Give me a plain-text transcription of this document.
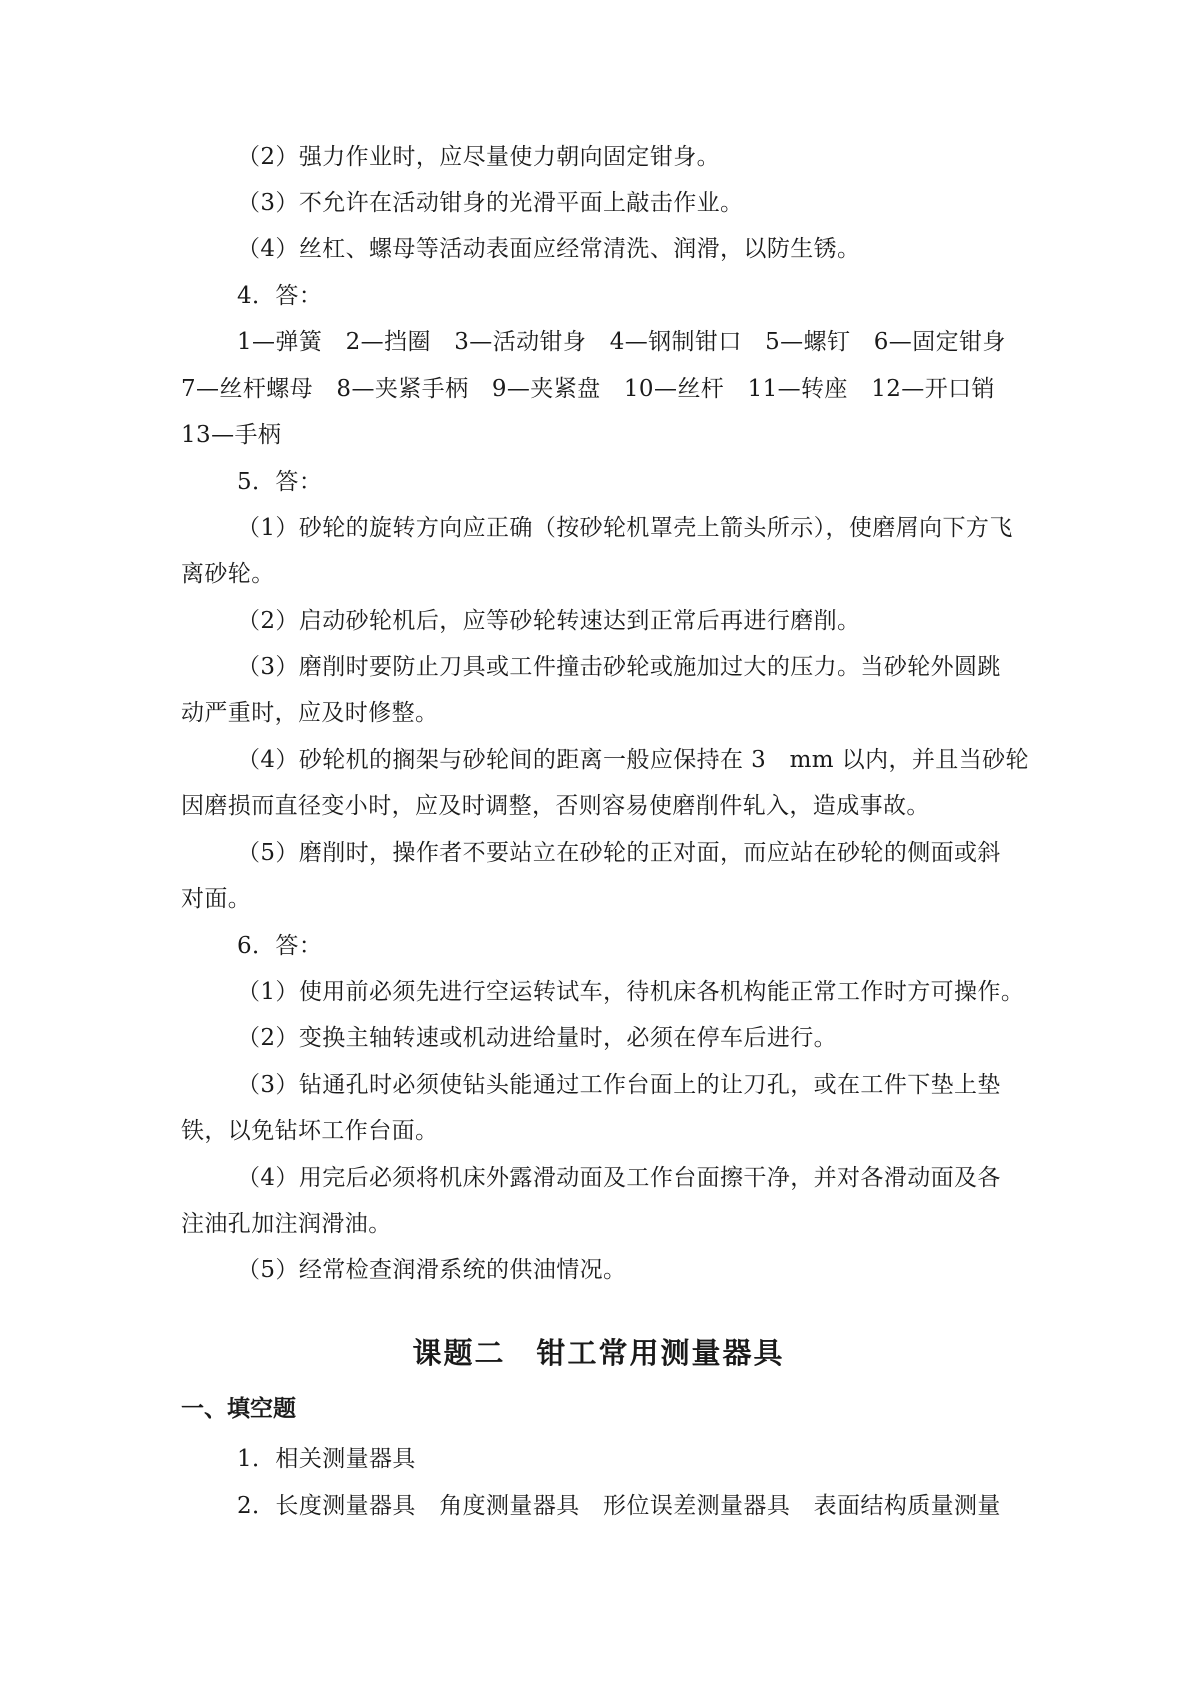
（2）强力作业时，应尽量使力朝向固定钳身。
（3）不允许在活动钳身的光滑平面上敲击作业。
（4）丝杠、螺母等活动表面应经常清洗、润滑，以防生锈。
4．答：
1—弹簧　2—挡圈　3—活动钳身　4—钢制钳口　5—螺钉　6—固定钳身
7—丝杆螺母　8—夹紧手柄　9—夹紧盘　10—丝杆　11—转座　12—开口销
13—手柄
5．答：
（1）砂轮的旋转方向应正确（按砂轮机罩壳上箭头所示），使磨屑向下方飞
离砂轮。
（2）启动砂轮机后，应等砂轮转速达到正常后再进行磨削。
（3）磨削时要防止刀具或工件撞击砂轮或施加过大的压力。当砂轮外圆跳
动严重时，应及时修整。
（4）砂轮机的搁架与砂轮间的距离一般应保持在 3　mm 以内，并且当砂轮
因磨损而直径变小时，应及时调整，否则容易使磨削件轧入，造成事故。
（5）磨削时，操作者不要站立在砂轮的正对面，而应站在砂轮的侧面或斜
对面。
6．答：
（1）使用前必须先进行空运转试车，待机床各机构能正常工作时方可操作。
（2）变换主轴转速或机动进给量时，必须在停车后进行。
（3）钻通孔时必须使钻头能通过工作台面上的让刀孔，或在工件下垫上垫
铁，以免钻坏工作台面。
（4）用完后必须将机床外露滑动面及工作台面擦干净，并对各滑动面及各
注油孔加注润滑油。
（5）经常检查润滑系统的供油情况。
课题二　钳工常用测量器具
一、填空题
1．相关测量器具
2．长度测量器具　角度测量器具　形位误差测量器具　表面结构质量测量
